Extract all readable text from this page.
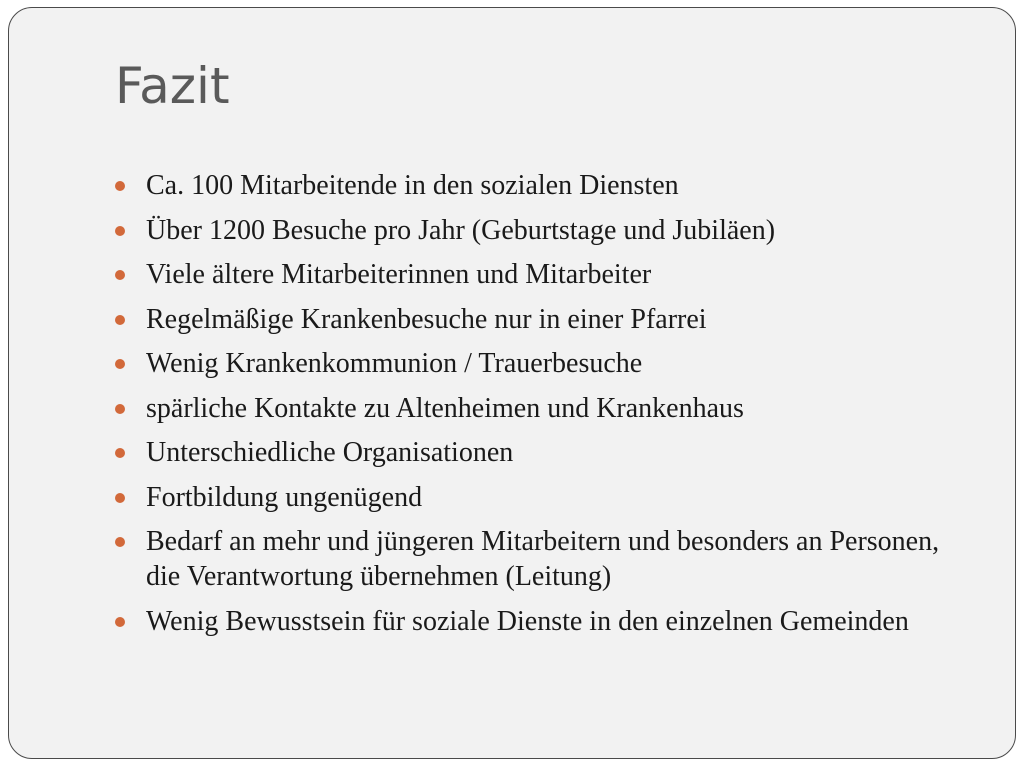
Fazit
Ca. 100 Mitarbeitende in den sozialen Diensten
Über 1200 Besuche pro Jahr (Geburtstage und Jubiläen)
Viele ältere Mitarbeiterinnen und Mitarbeiter
Regelmäßige Krankenbesuche nur in einer Pfarrei
Wenig Krankenkommunion / Trauerbesuche
spärliche Kontakte zu Altenheimen und Krankenhaus
Unterschiedliche Organisationen
Fortbildung ungenügend
Bedarf an mehr und jüngeren Mitarbeitern und besonders an Personen, die Verantwortung übernehmen (Leitung)
Wenig Bewusstsein für soziale Dienste in den einzelnen Gemeinden
